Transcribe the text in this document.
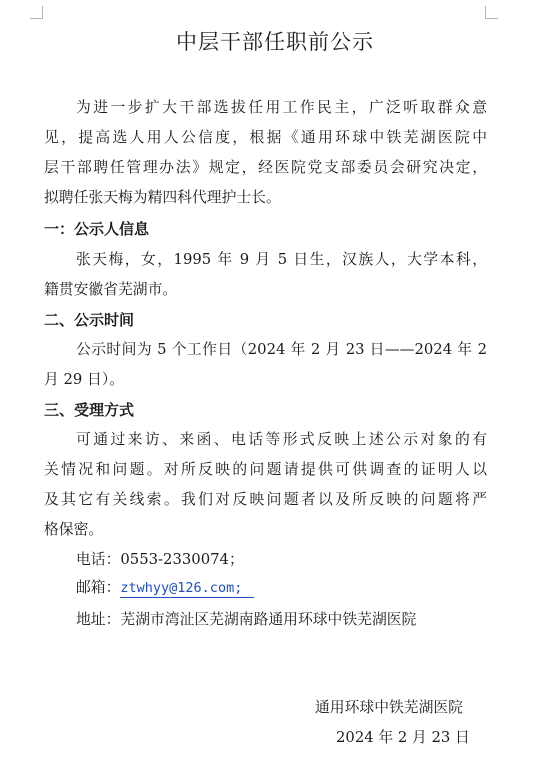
中层干部任职前公示
为进一步扩大干部选拔任用工作民主，广泛听取群众意
见，提高选人用人公信度，根据《通用环球中铁芜湖医院中
层干部聘任管理办法》规定，经医院党支部委员会研究决定，
拟聘任张天梅为精四科代理护士长。
一：公示人信息
张天梅，女，1995 年 9 月 5 日生，汉族人，大学本科，
籍贯安徽省芜湖市。
二、公示时间
公示时间为 5 个工作日（2024 年 2 月 23 日——2024 年 2
月 29 日）。
三、受理方式
可通过来访、来函、电话等形式反映上述公示对象的有
关情况和问题。对所反映的问题请提供可供调查的证明人以
及其它有关线索。我们对反映问题者以及所反映的问题将严
格保密。
电话：0553-2330074；
邮箱：ztwhyy@126.com;
地址：芜湖市湾沚区芜湖南路通用环球中铁芜湖医院
通用环球中铁芜湖医院
2024 年 2 月 23 日
